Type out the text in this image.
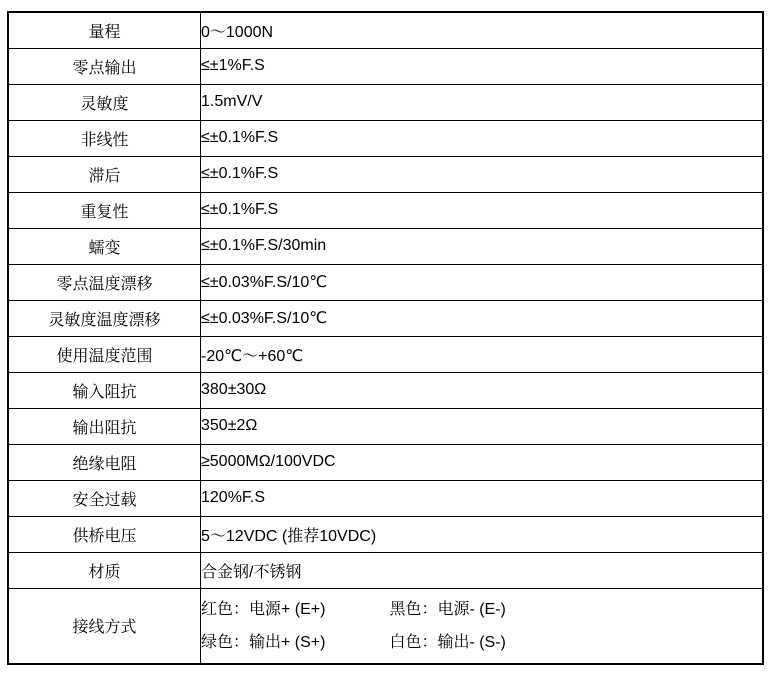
量程	0～1000N
零点输出	≤±1%F.S
灵敏度	1.5mV/V
非线性	≤±0.1%F.S
滞后	≤±0.1%F.S
重复性	≤±0.1%F.S
蠕变	≤±0.1%F.S/30min
零点温度漂移	≤±0.03%F.S/10℃
灵敏度温度漂移	≤±0.03%F.S/10℃
使用温度范围	-20℃～+60℃
输入阻抗	380±30Ω
输出阻抗	350±2Ω
绝缘电阻	≥5000MΩ/100VDC
安全过载	120%F.S
供桥电压	5～12VDC (推荐10VDC)
材质	合金钢/不锈钢
接线方式	红色：电源+ (E+) 黑色：电源- (E-)
绿色：输出+ (S+) 白色：输出- (S-)
